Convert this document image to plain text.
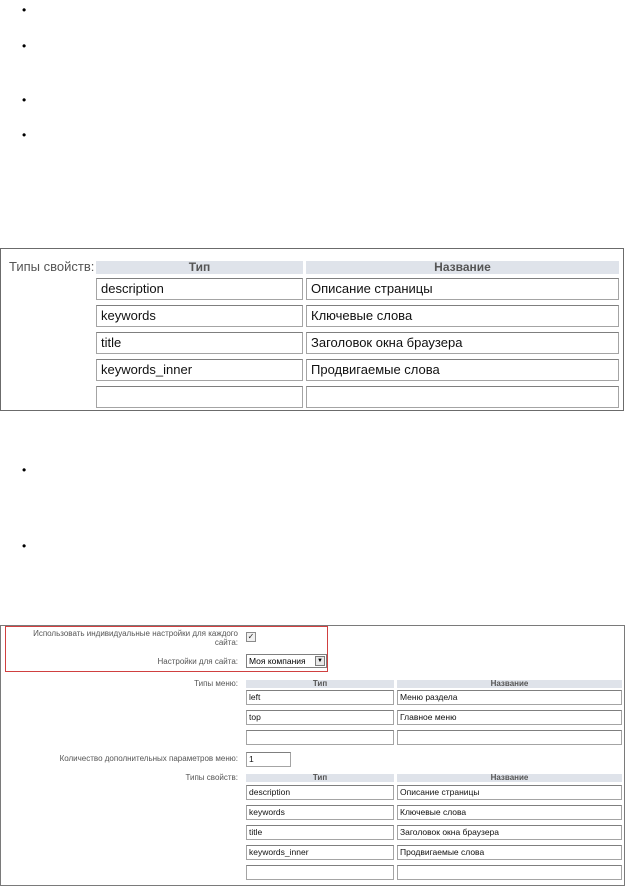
•
•
•
•
•
•
Типы свойств:	Тип	Название
description	Описание страницы
keywords	Ключевые слова
title	Заголовок окна браузера
keywords_inner	Продвигаемые слова
Использовать индивидуальные настройки для каждого
сайта:
✓
Настройки для сайта:	Моя компания	▼
Типы меню:	Тип	Название
left	Меню раздела
top	Главное меню
Количество дополнительных параметров меню:	1
Типы свойств:	Тип	Название
description	Описание страницы
keywords	Ключевые слова
title	Заголовок окна браузера
keywords_inner	Продвигаемые слова
